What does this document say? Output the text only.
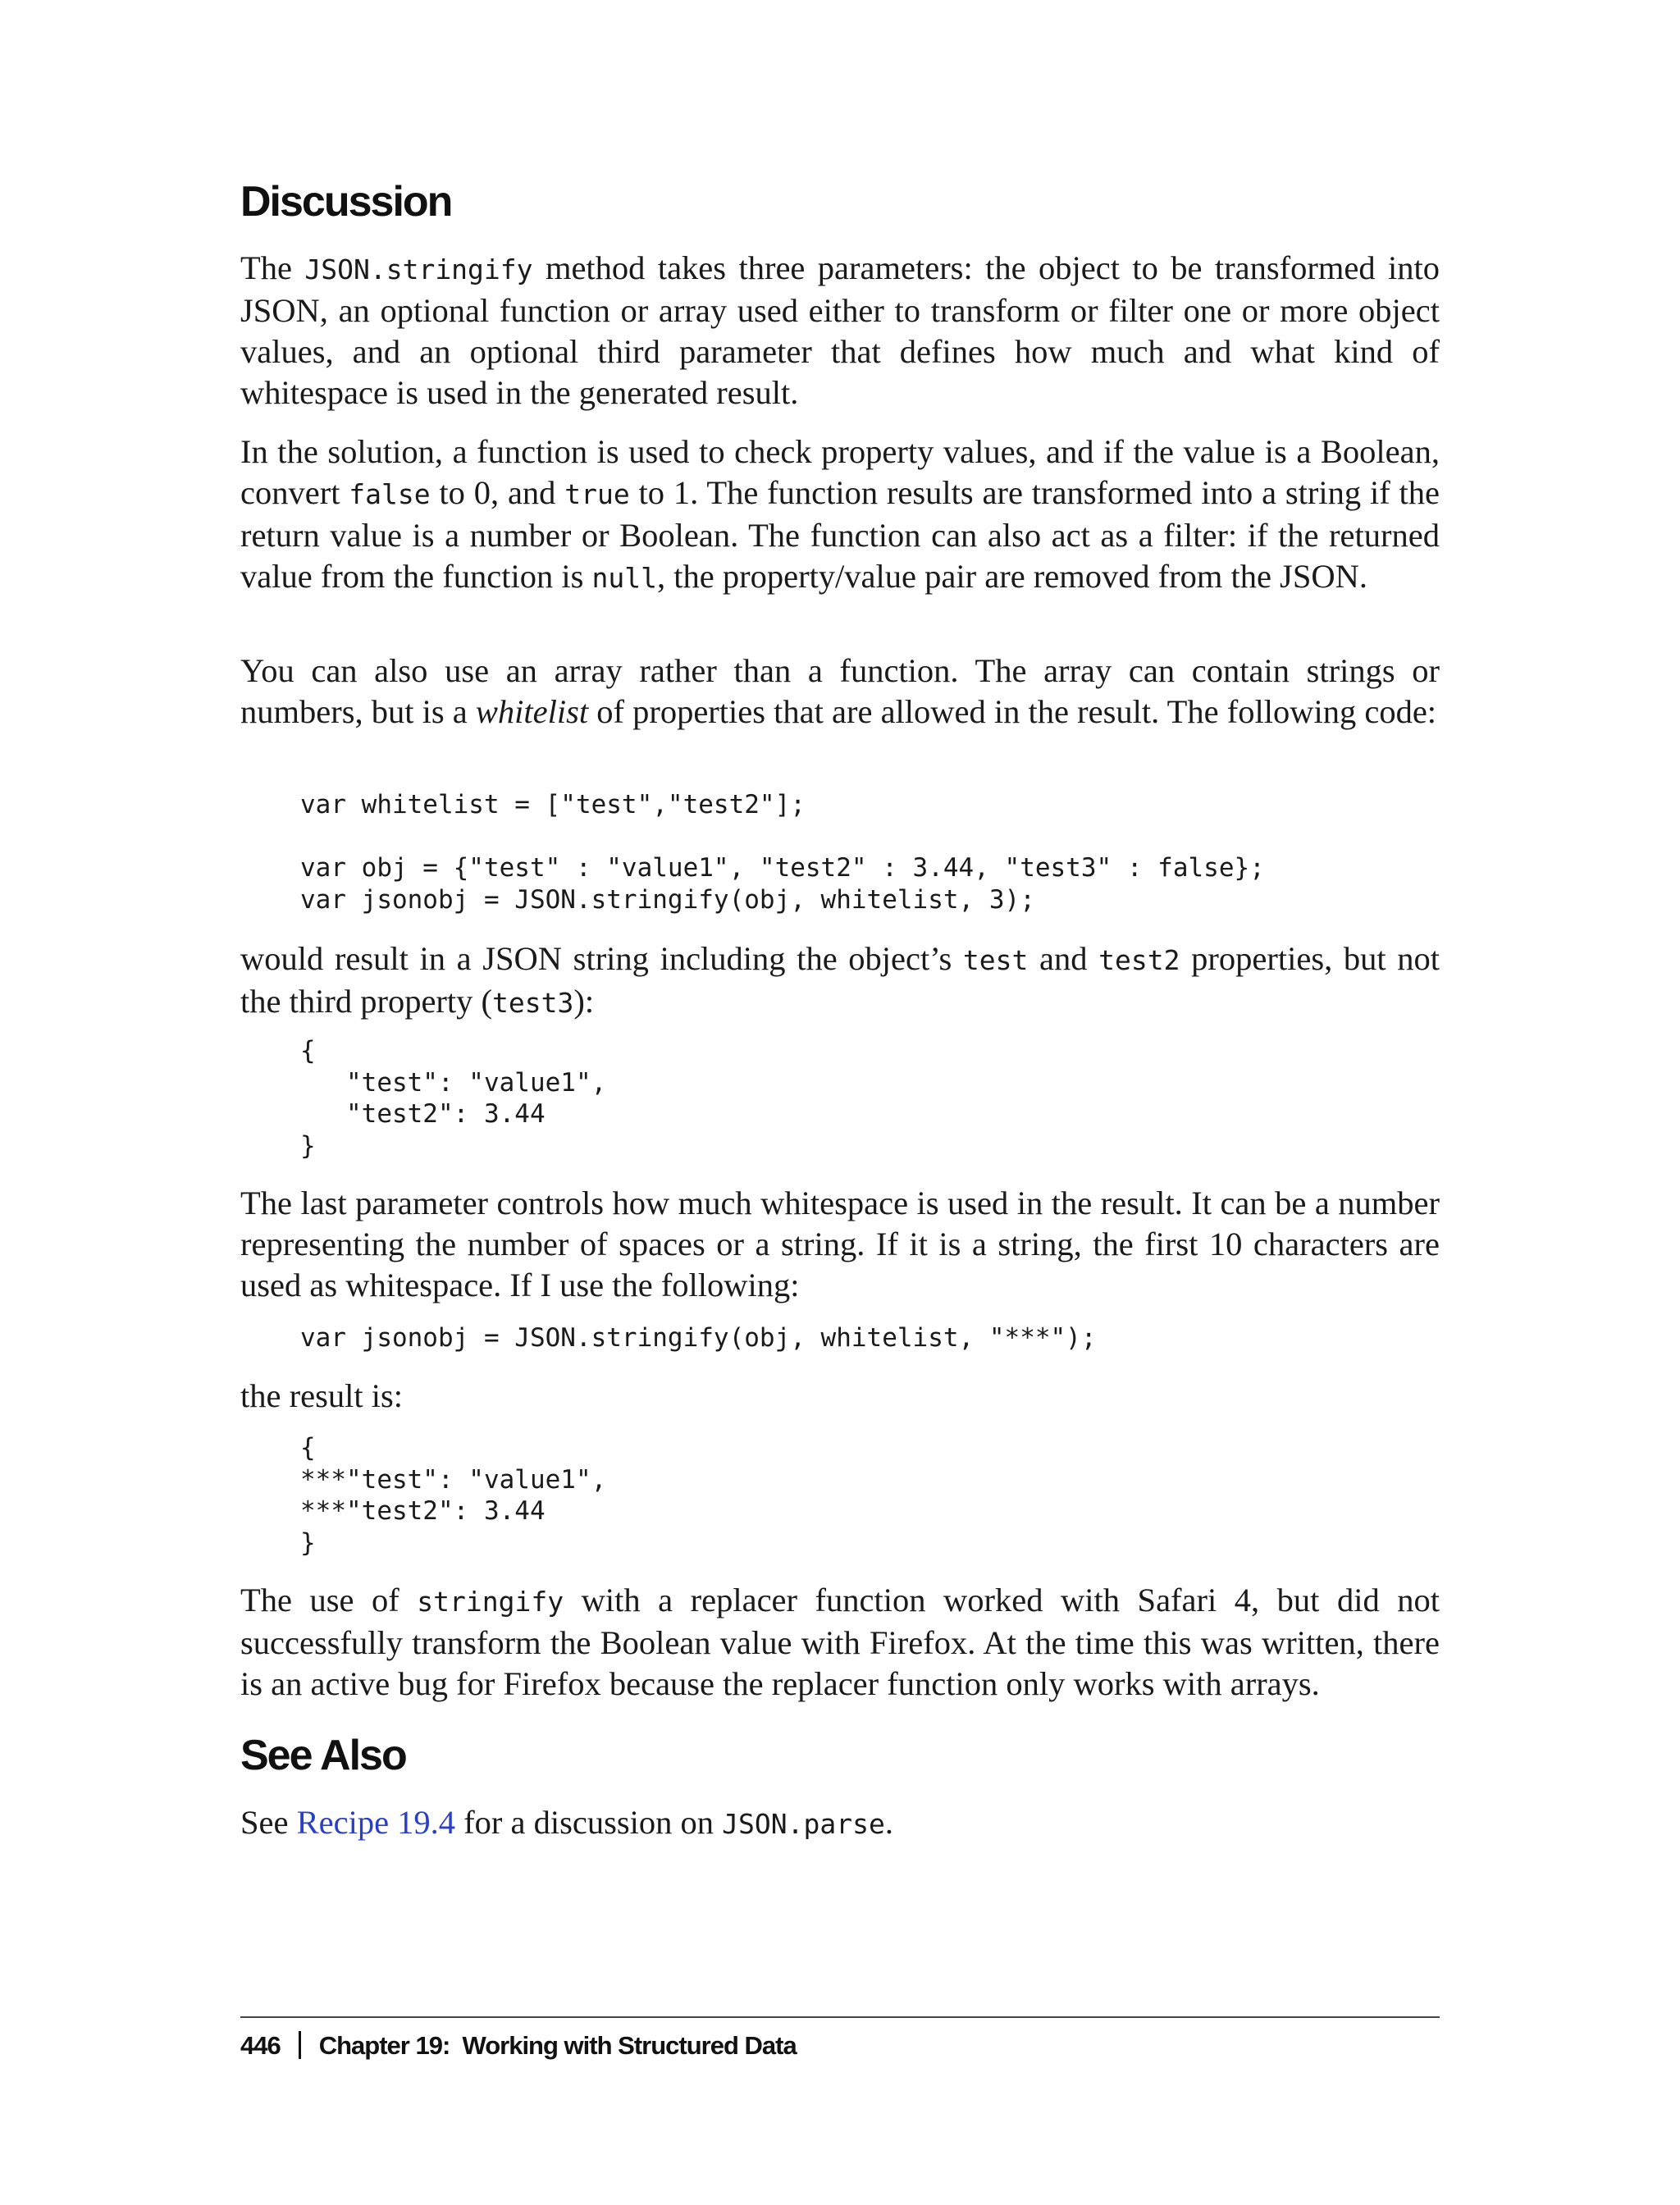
Discussion

The JSON.stringify method takes three parameters: the object to be transformed into JSON, an optional function or array used either to transform or filter one or more object values, and an optional third parameter that defines how much and what kind of whitespace is used in the generated result.

In the solution, a function is used to check property values, and if the value is a Boolean, convert false to 0, and true to 1. The function results are transformed into a string if the return value is a number or Boolean. The function can also act as a filter: if the returned value from the function is null, the property/value pair are removed from the JSON.

You can also use an array rather than a function. The array can contain strings or numbers, but is a whitelist of properties that are allowed in the result. The following code:

var whitelist = ["test","test2"];

var obj = {"test" : "value1", "test2" : 3.44, "test3" : false};
var jsonobj = JSON.stringify(obj, whitelist, 3);

would result in a JSON string including the object’s test and test2 properties, but not the third property (test3):

{
"test": "value1",
"test2": 3.44
}

The last parameter controls how much whitespace is used in the result. It can be a number representing the number of spaces or a string. If it is a string, the first 10 characters are used as whitespace. If I use the following:

var jsonobj = JSON.stringify(obj, whitelist, "***");

the result is:

{
***"test": "value1",
***"test2": 3.44
}

The use of stringify with a replacer function worked with Safari 4, but did not successfully transform the Boolean value with Firefox. At the time this was written, there is an active bug for Firefox because the replacer function only works with arrays.

See Also

See Recipe 19.4 for a discussion on JSON.parse.

446 Chapter 19:  Working with Structured Data
